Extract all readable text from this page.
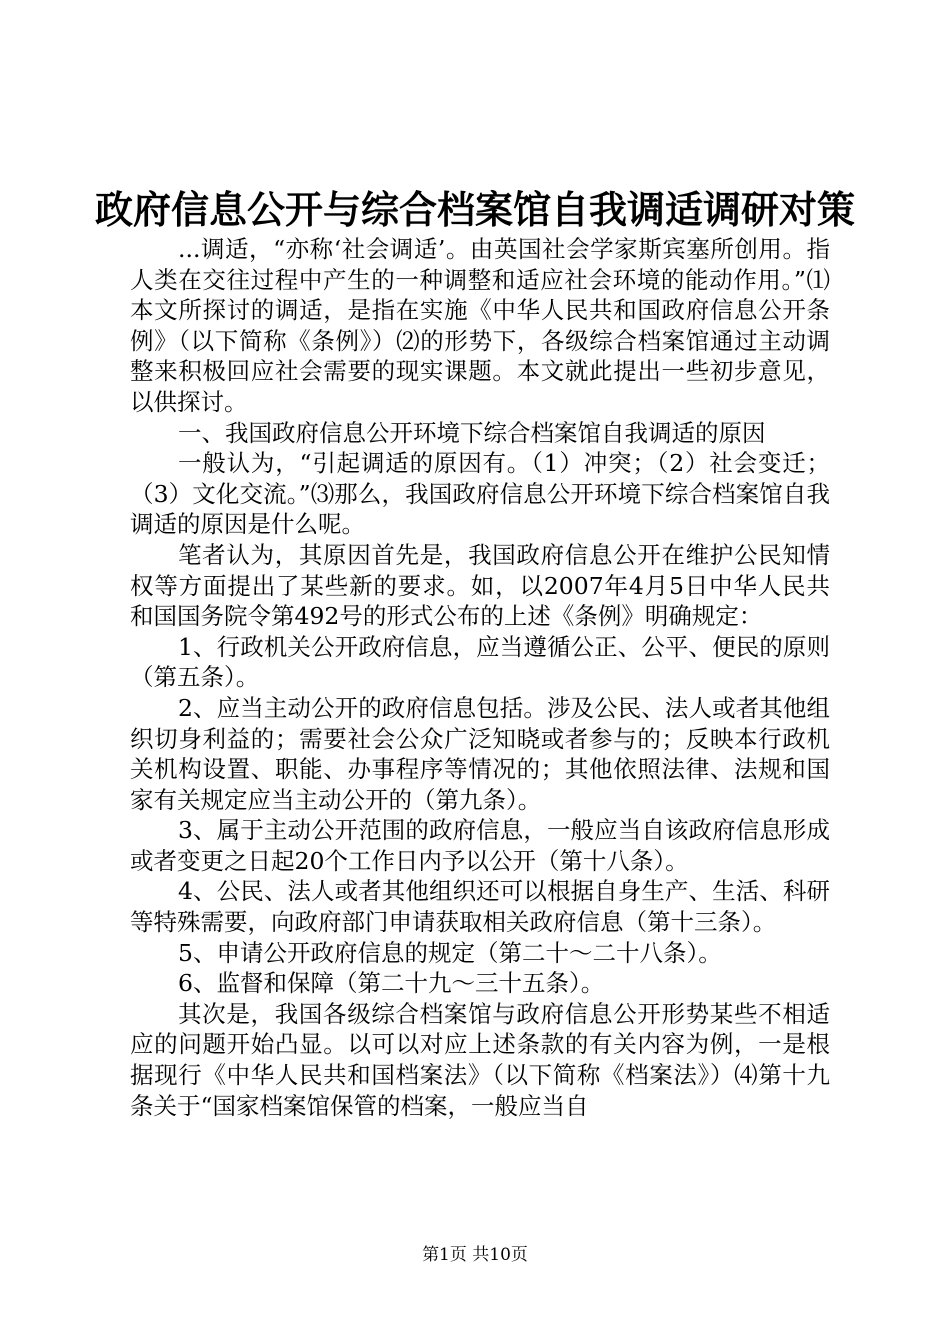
政府信息公开与综合档案馆自我调适调研对策

...调适，“亦称‘社会调适’。由英国社会学家斯宾塞所创用。指人类在交往过程中产生的一种调整和适应社会环境的能动作用。”⑴本文所探讨的调适，是指在实施《中华人民共和国政府信息公开条例》（以下简称《条例》）⑵的形势下，各级综合档案馆通过主动调整来积极回应社会需要的现实课题。本文就此提出一些初步意见，以供探讨。

一、我国政府信息公开环境下综合档案馆自我调适的原因

一般认为，“引起调适的原因有。（1）冲突；（2）社会变迁；（3）文化交流。”⑶那么，我国政府信息公开环境下综合档案馆自我调适的原因是什么呢。

笔者认为，其原因首先是，我国政府信息公开在维护公民知情权等方面提出了某些新的要求。如，以2007年4月5日中华人民共和国国务院令第492号的形式公布的上述《条例》明确规定：

1、行政机关公开政府信息，应当遵循公正、公平、便民的原则（第五条）。

2、应当主动公开的政府信息包括。涉及公民、法人或者其他组织切身利益的；需要社会公众广泛知晓或者参与的；反映本行政机关机构设置、职能、办事程序等情况的；其他依照法律、法规和国家有关规定应当主动公开的（第九条）。

3、属于主动公开范围的政府信息，一般应当自该政府信息形成或者变更之日起20个工作日内予以公开（第十八条）。

4、公民、法人或者其他组织还可以根据自身生产、生活、科研等特殊需要，向政府部门申请获取相关政府信息（第十三条）。

5、申请公开政府信息的规定（第二十～二十八条）。

6、监督和保障（第二十九～三十五条）。

其次是，我国各级综合档案馆与政府信息公开形势某些不相适应的问题开始凸显。以可以对应上述条款的有关内容为例，一是根据现行《中华人民共和国档案法》（以下简称《档案法》）⑷第十九条关于“国家档案馆保管的档案，一般应当自

第1页 共10页
